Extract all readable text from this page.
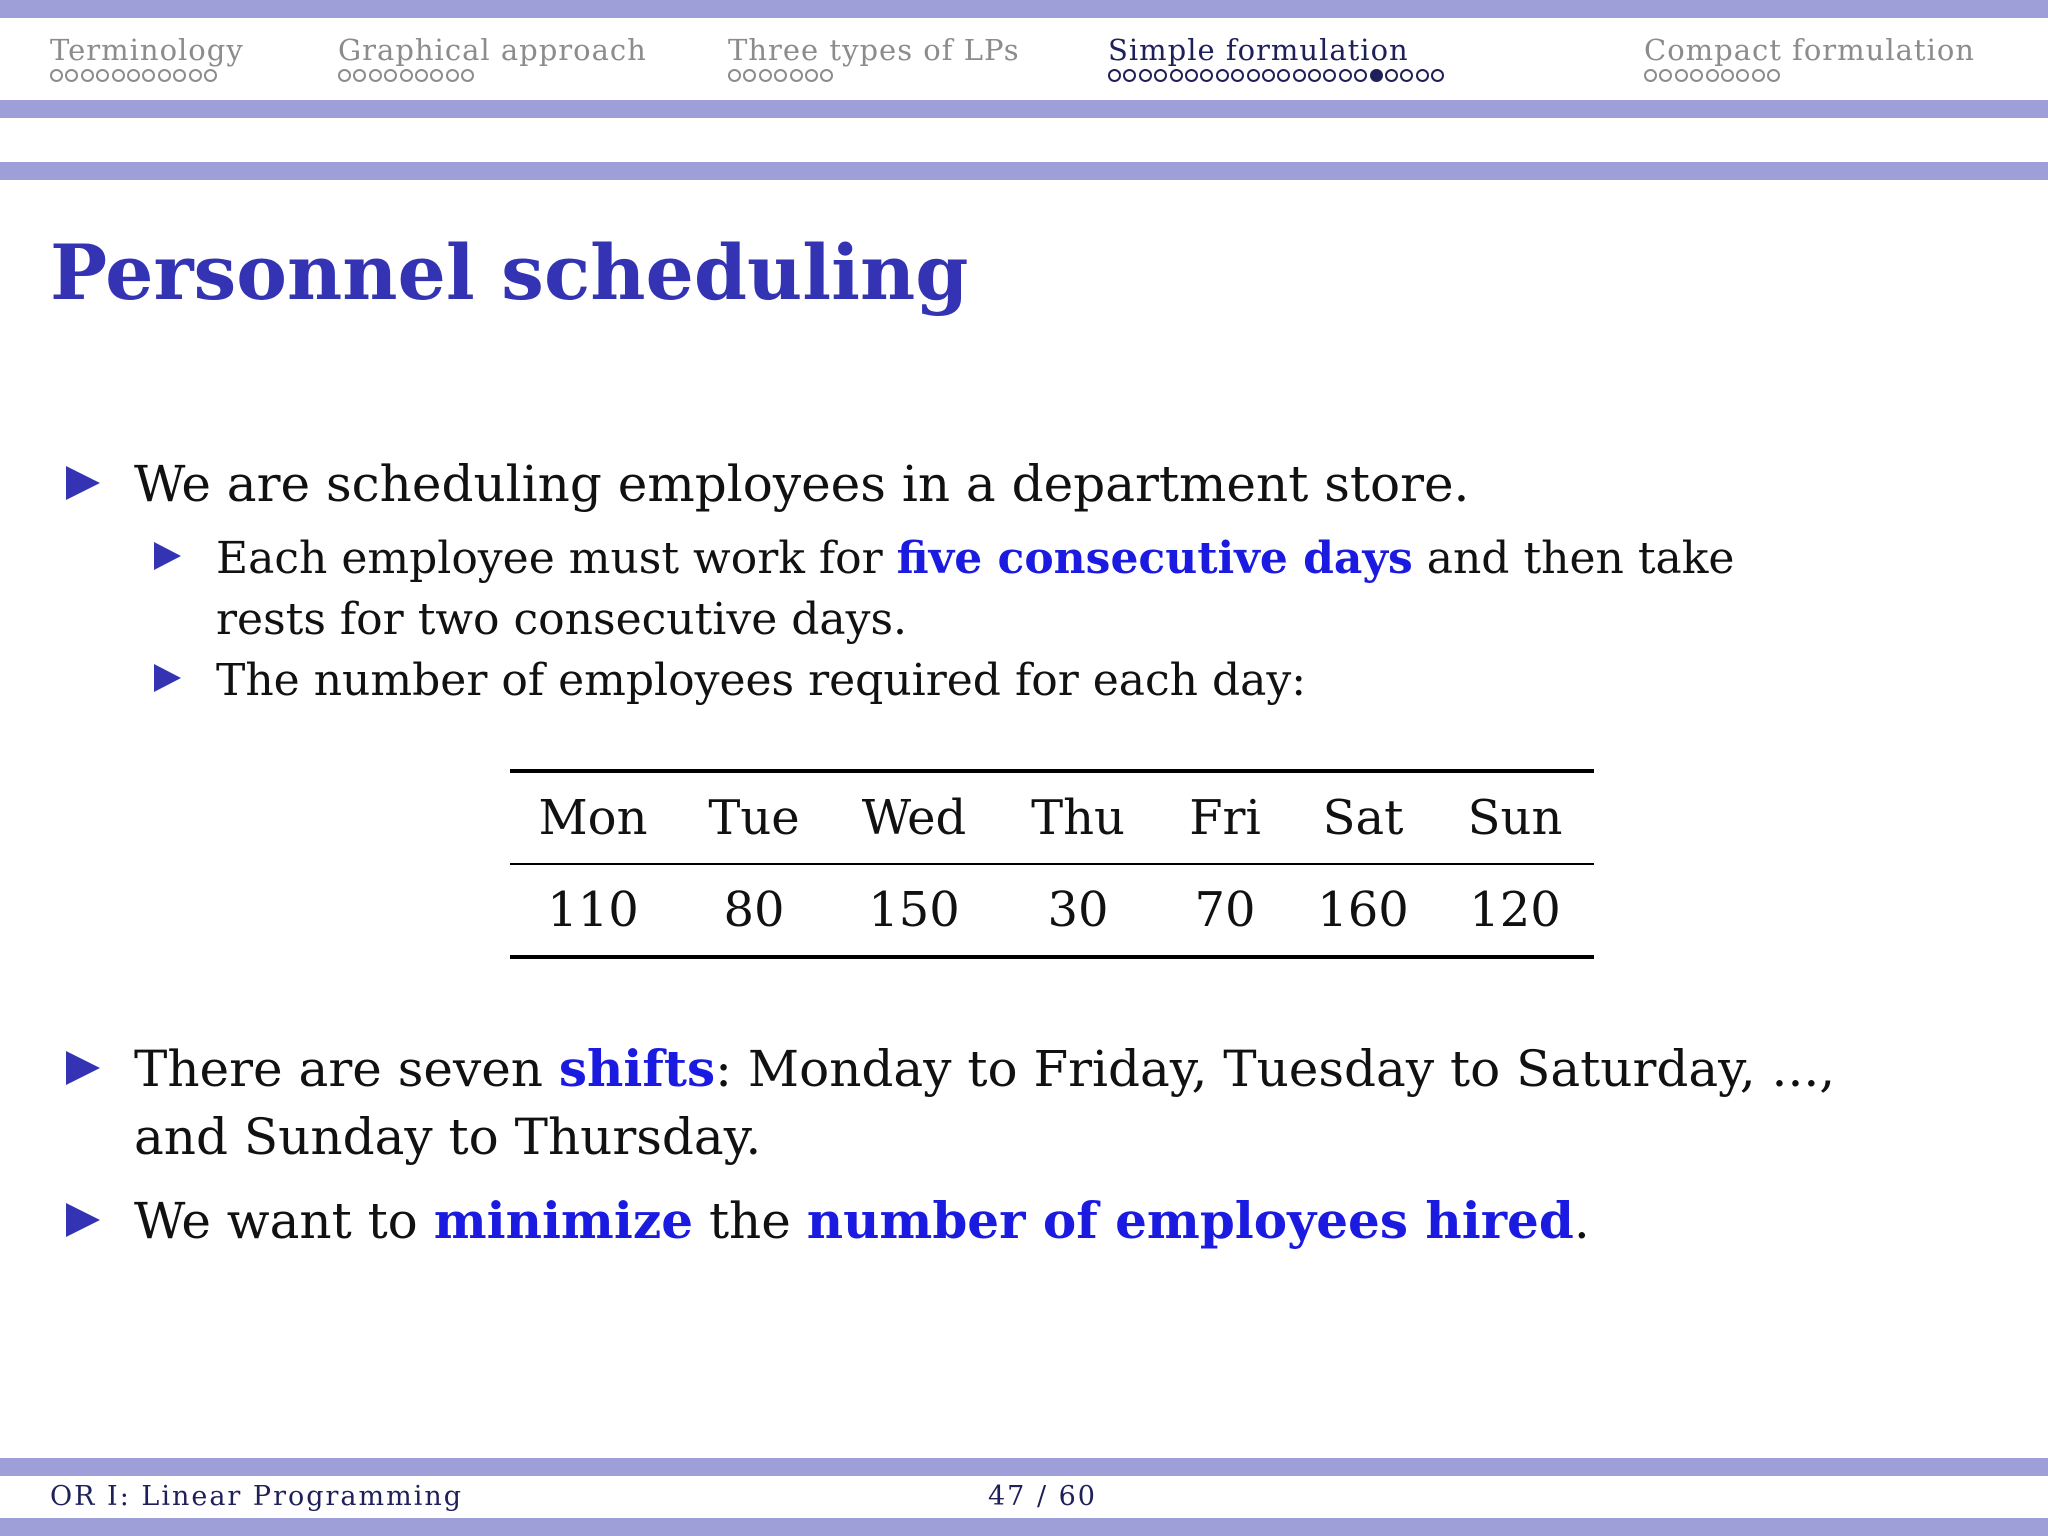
Terminology	Graphical approach	Three types of LPs	Simple formulation	Compact formulation
Personnel scheduling
We are scheduling employees in a department store.
Each employee must work for five consecutive days and then take
rests for two consecutive days.
The number of employees required for each day:
Mon	Tue	Wed	Thu	Fri	Sat	Sun
110	80	150	30	70	160	120
There are seven shifts: Monday to Friday, Tuesday to Saturday, ...,
and Sunday to Thursday.
We want to minimize the number of employees hired.
OR I: Linear Programming	47 / 60
